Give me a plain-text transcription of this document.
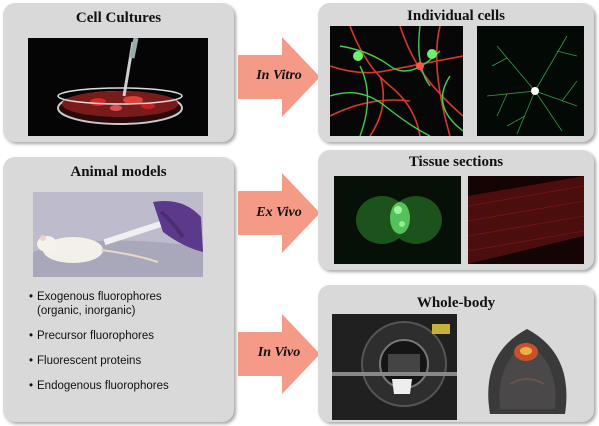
Cell Cultures
Animal models
• Exogenous fluorophores
(organic, inorganic)
• Precursor fluorophores
• Fluorescent proteins
• Endogenous fluorophores
In Vitro
Ex Vivo
In Vivo
Individual cells
Tissue sections
Whole-body
